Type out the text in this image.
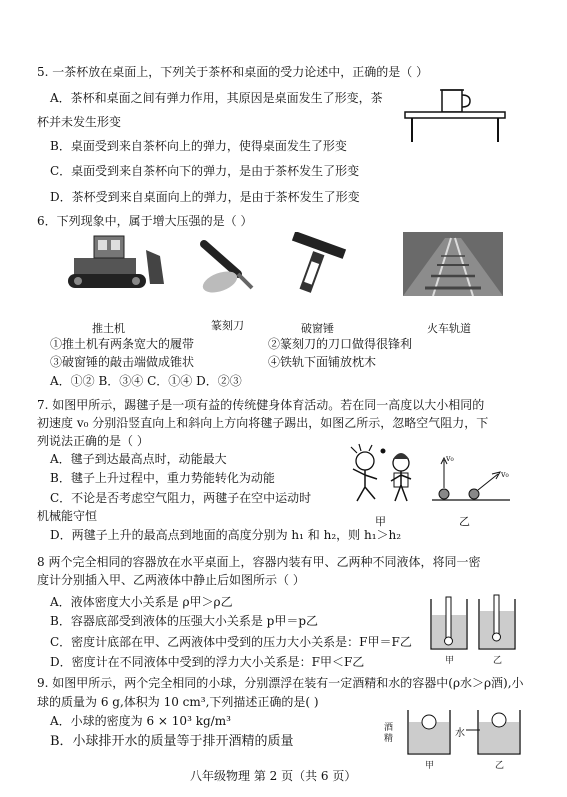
5. 一茶杯放在桌面上，下列关于茶杯和桌面的受力论述中，正确的是（ ）
A．茶杯和桌面之间有弹力作用，其原因是桌面发生了形变，茶
杯并未发生形变
B．桌面受到来自茶杯向上的弹力，使得桌面发生了形变
C．桌面受到来自茶杯向下的弹力，是由于茶杯发生了形变
D．茶杯受到来自桌面向上的弹力，是由于茶杯发生了形变
6．下列现象中，属于增大压强的是（ ）
推土机	篆刻刀	破窗锤	火车轨道
①推土机有两条宽大的履带	②篆刻刀的刀口做得很锋利
③破窗锤的敲击端做成锥状	④铁轨下面铺放枕木
A．①② B．③④ C．①④ D．②③
7. 如图甲所示，踢毽子是一项有益的传统健身体育活动。若在同一高度以大小相同的
初速度 v₀ 分别沿竖直向上和斜向上方向将毽子踢出，如图乙所示，忽略空气阻力，下
列说法正确的是（ ）
A．毽子到达最高点时，动能最大
B．毽子上升过程中，重力势能转化为动能
C．不论是否考虑空气阻力，两毽子在空中运动时
机械能守恒
D．两毽子上升的最高点到地面的高度分别为 h₁ 和 h₂，则 h₁＞h₂
甲
v₀
v₀
乙
8 两个完全相同的容器放在水平桌面上，容器内装有甲、乙两种不同液体，将同一密
度计分别插入甲、乙两液体中静止后如图所示（ ）
A．液体密度大小关系是 ρ甲＞ρ乙
B．容器底部受到液体的压强大小关系是 p甲＝p乙
C．密度计底部在甲、乙两液体中受到的压力大小关系是：F甲＝F乙
D．密度计在不同液体中受到的浮力大小关系是：F甲＜F乙	甲	乙
9. 如图甲所示，两个完全相同的小球，分别漂浮在装有一定酒精和水的容器中(ρ水＞ρ酒),小
球的质量为 6 g,体积为 10 cm³,下列描述正确的是( )
A．小球的密度为 6 × 10³ kg/m³
B．小球排开水的质量等于排开酒精的质量
酒
精	水
甲	乙
八年级物理 第 2 页（共 6 页）
